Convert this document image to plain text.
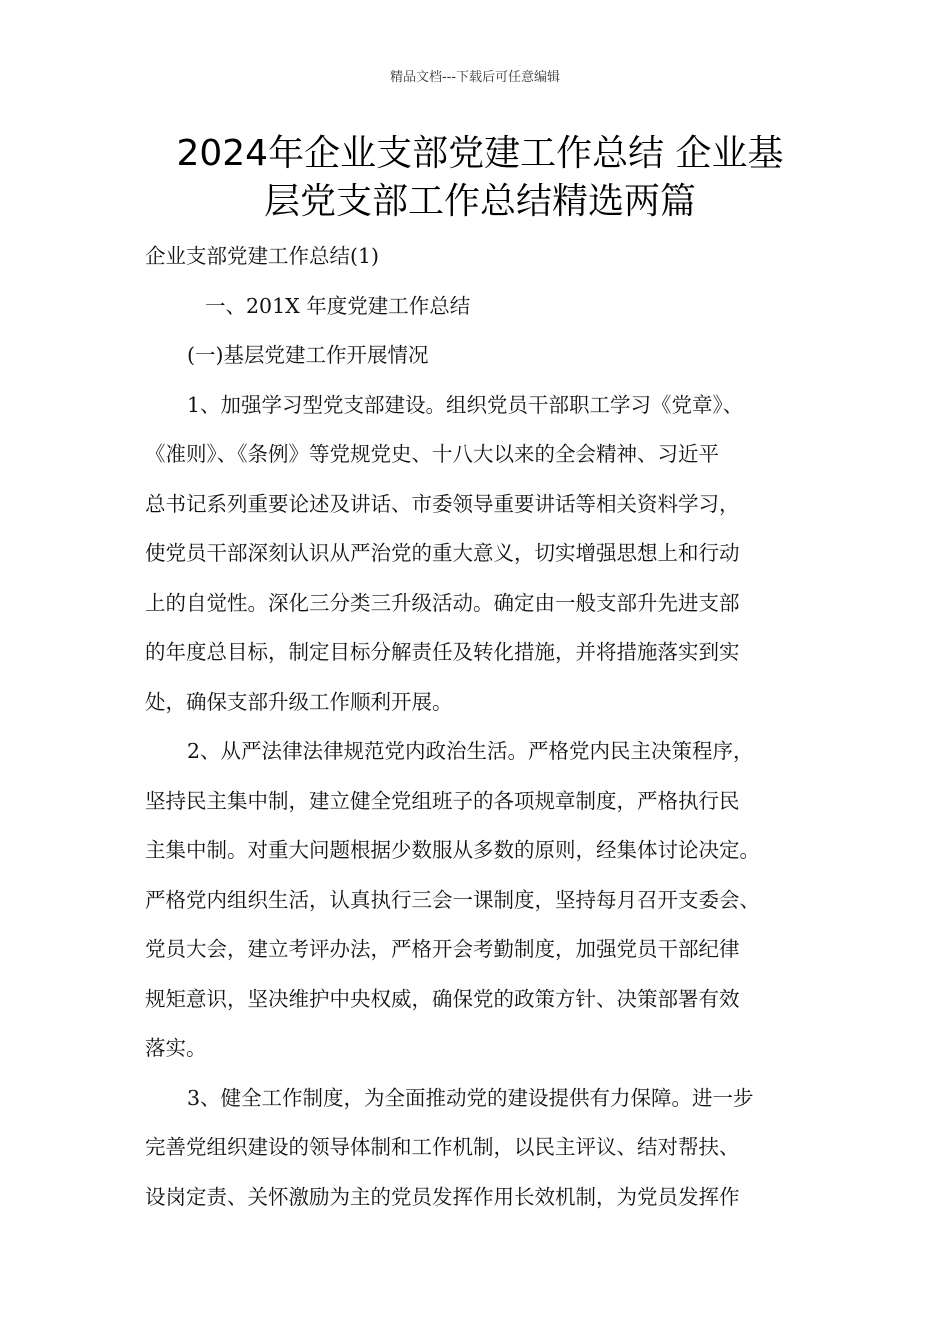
精品文档---下载后可任意编辑
2024年企业支部党建工作总结 企业基
层党支部工作总结精选两篇
企业支部党建工作总结(1)
一、201X 年度党建工作总结
(一)基层党建工作开展情况
1、加强学习型党支部建设。组织党员干部职工学习《党章》、
《准则》、《条例》等党规党史、十八大以来的全会精神、习近平
总书记系列重要论述及讲话、市委领导重要讲话等相关资料学习，
使党员干部深刻认识从严治党的重大意义，切实增强思想上和行动
上的自觉性。深化三分类三升级活动。确定由一般支部升先进支部
的年度总目标，制定目标分解责任及转化措施，并将措施落实到实
处，确保支部升级工作顺利开展。
2、从严法律法律规范党内政治生活。严格党内民主决策程序，
坚持民主集中制，建立健全党组班子的各项规章制度，严格执行民
主集中制。对重大问题根据少数服从多数的原则，经集体讨论决定。
严格党内组织生活，认真执行三会一课制度，坚持每月召开支委会、
党员大会，建立考评办法，严格开会考勤制度，加强党员干部纪律
规矩意识，坚决维护中央权威，确保党的政策方针、决策部署有效
落实。
3、健全工作制度，为全面推动党的建设提供有力保障。进一步
完善党组织建设的领导体制和工作机制，以民主评议、结对帮扶、
设岗定责、关怀激励为主的党员发挥作用长效机制，为党员发挥作
